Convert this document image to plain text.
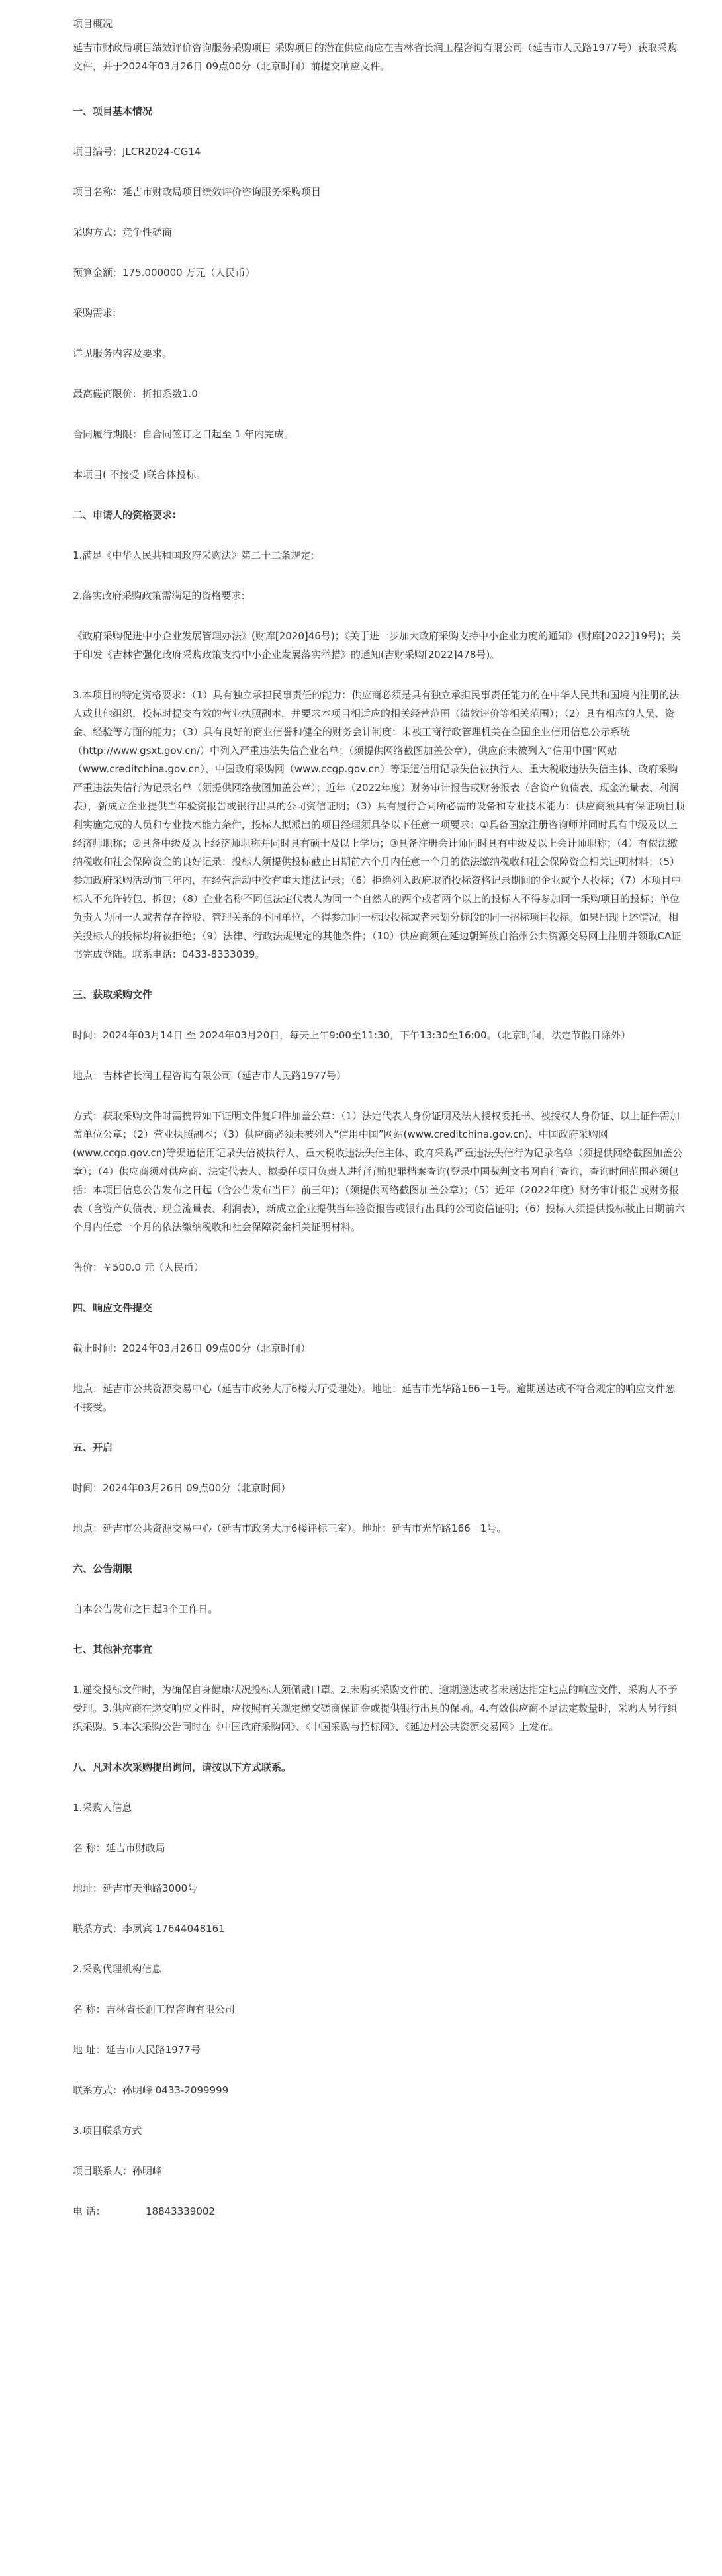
项目概况

延吉市财政局项目绩效评价咨询服务采购项目 采购项目的潜在供应商应在吉林省长润工程咨询有限公司（延吉市人民路1977号）获取采购文件，并于2024年03月26日 09点00分（北京时间）前提交响应文件。

一、项目基本情况

项目编号：JLCR2024-CG14

项目名称：延吉市财政局项目绩效评价咨询服务采购项目

采购方式：竞争性磋商

预算金额：175.000000 万元（人民币）

采购需求:

详见服务内容及要求。

最高磋商限价：折扣系数1.0

合同履行期限：自合同签订之日起至 1 年内完成。

本项目( 不接受 )联合体投标。

二、申请人的资格要求:

1.满足《中华人民共和国政府采购法》第二十二条规定;

2.落实政府采购政策需满足的资格要求:

《政府采购促进中小企业发展管理办法》(财库[2020]46号)；《关于进一步加大政府采购支持中小企业力度的通知》(财库[2022]19号)；关于印发《吉林省强化政府采购政策支持中小企业发展落实举措》的通知(吉财采购[2022]478号)。

3.本项目的特定资格要求：（1）具有独立承担民事责任的能力：供应商必须是具有独立承担民事责任能力的在中华人民共和国境内注册的法人或其他组织，投标时提交有效的营业执照副本，并要求本项目相适应的相关经营范围（绩效评价等相关范围）；（2）具有相应的人员、资金、经验等方面的能力；（3）具有良好的商业信誉和健全的财务会计制度：未被工商行政管理机关在全国企业信用信息公示系统（http://www.gsxt.gov.cn/）中列入严重违法失信企业名单；（须提供网络截图加盖公章），供应商未被列入“信用中国”网站（www.creditchina.gov.cn）、中国政府采购网（www.ccgp.gov.cn）等渠道信用记录失信被执行人、重大税收违法失信主体、政府采购严重违法失信行为记录名单（须提供网络截图加盖公章）；近年（2022年度）财务审计报告或财务报表（含资产负债表、现金流量表、利润表），新成立企业提供当年验资报告或银行出具的公司资信证明；（3）具有履行合同所必需的设备和专业技术能力：供应商须具有保证项目顺利实施完成的人员和专业技术能力条件，投标人拟派出的项目经理须具备以下任意一项要求：①具备国家注册咨询师并同时具有中级及以上经济师职称；②具备中级及以上经济师职称并同时具有硕士及以上学历；③具备注册会计师同时具有中级及以上会计师职称；（4）有依法缴纳税收和社会保障资金的良好记录：投标人须提供投标截止日期前六个月内任意一个月的依法缴纳税收和社会保障资金相关证明材料；（5）参加政府采购活动前三年内，在经营活动中没有重大违法记录；（6）拒绝列入政府取消投标资格记录期间的企业或个人投标；（7）本项目中标人不允许转包、拆包；（8）企业名称不同但法定代表人为同一个自然人的两个或者两个以上的投标人不得参加同一采购项目的投标；单位负责人为同一人或者存在控股、管理关系的不同单位，不得参加同一标段投标或者未划分标段的同一招标项目投标。如果出现上述情况，相关投标人的投标均将被拒绝；（9）法律、行政法规规定的其他条件；（10）供应商须在延边朝鲜族自治州公共资源交易网上注册并领取CA证书完成登陆。联系电话：0433-8333039。

三、获取采购文件

时间：2024年03月14日 至 2024年03月20日，每天上午9:00至11:30，下午13:30至16:00。（北京时间，法定节假日除外）

地点：吉林省长润工程咨询有限公司（延吉市人民路1977号）

方式：获取采购文件时需携带如下证明文件复印件加盖公章：（1）法定代表人身份证明及法人授权委托书、被授权人身份证、以上证件需加盖单位公章；（2）营业执照副本；（3）供应商必须未被列入“信用中国”网站(www.creditchina.gov.cn)、中国政府采购网(www.ccgp.gov.cn)等渠道信用记录失信被执行人、重大税收违法失信主体、政府采购严重违法失信行为记录名单（须提供网络截图加盖公章）；（4）供应商须对供应商、法定代表人、拟委任项目负责人进行行贿犯罪档案查询(登录中国裁判文书网自行查询，查询时间范围必须包括：本项目信息公告发布之日起（含公告发布当日）前三年)；（须提供网络截图加盖公章）；（5）近年（2022年度）财务审计报告或财务报表（含资产负债表、现金流量表、利润表），新成立企业提供当年验资报告或银行出具的公司资信证明；（6）投标人须提供投标截止日期前六个月内任意一个月的依法缴纳税收和社会保障资金相关证明材料。

售价：￥500.0 元（人民币）

四、响应文件提交

截止时间：2024年03月26日 09点00分（北京时间）

地点：延吉市公共资源交易中心（延吉市政务大厅6楼大厅受理处）。地址：延吉市光华路166－1号。逾期送达或不符合规定的响应文件恕不接受。

五、开启

时间：2024年03月26日 09点00分（北京时间）

地点：延吉市公共资源交易中心（延吉市政务大厅6楼评标三室）。地址：延吉市光华路166－1号。

六、公告期限

自本公告发布之日起3个工作日。

七、其他补充事宜

1.递交投标文件时，为确保自身健康状况投标人须佩戴口罩。2.未购买采购文件的、逾期送达或者未送达指定地点的响应文件，采购人不予受理。3.供应商在递交响应文件时，应按照有关规定递交磋商保证金或提供银行出具的保函。4.有效供应商不足法定数量时，采购人另行组织采购。5.本次采购公告同时在《中国政府采购网》、《中国采购与招标网》、《延边州公共资源交易网》上发布。

八、凡对本次采购提出询问，请按以下方式联系。

1.采购人信息

名 称：延吉市财政局

地址：延吉市天池路3000号

联系方式：李夙宾 17644048161

2.采购代理机构信息

名 称：吉林省长润工程咨询有限公司

地 址：延吉市人民路1977号

联系方式：孙明峰 0433-2099999

3.项目联系方式

项目联系人：孙明峰

电 话：	18843339002
